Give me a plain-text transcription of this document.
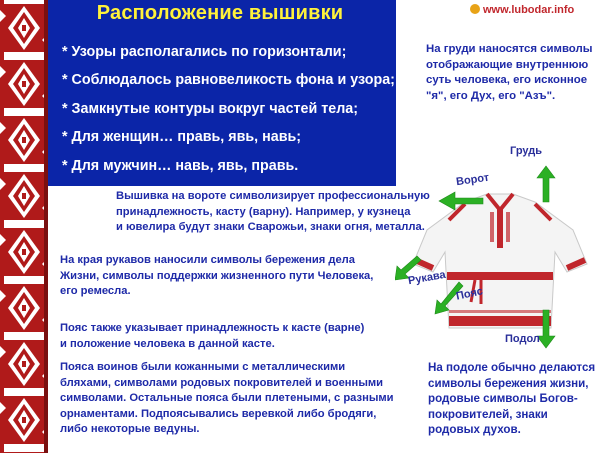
Расположение вышивки
* Узоры располагались по горизонтали;
* Соблюдалось равновеликость фона и узора;
* Замкнутые контуры вокруг частей тела;
* Для женщин… правь, явь, навь;
* Для мужчин… навь, явь, правь.
www.lubodar.info
На груди наносятся символы
отображающие внутреннюю
суть человека, его исконное
"я", его Дух, его "Азъ".
Вышивка на вороте символизирует профессиональную
принадлежность, касту (варну). Например, у кузнеца
и ювелира будут знаки Сварожьи, знаки огня, металла.
На края рукавов наносили символы бережения дела
Жизни, символы поддержки жизненного пути Человека,
его ремесла.
Пояс также указывает принадлежность к касте (варне)
и положение человека в данной касте.
Пояса воинов были кожанными с металлическими
бляхами, символами родовых покровителей и военными
символами. Остальные пояса были плетеными, с разными
орнаментами. Подпоясывались веревкой либо бродяги,
либо некоторые ведуны.
На подоле обычно делаются
символы бережения жизни,
родовые символы Богов-
покровителей, знаки
родовых духов.
Грудь
Ворот
Рукава
Пояс
Подол
